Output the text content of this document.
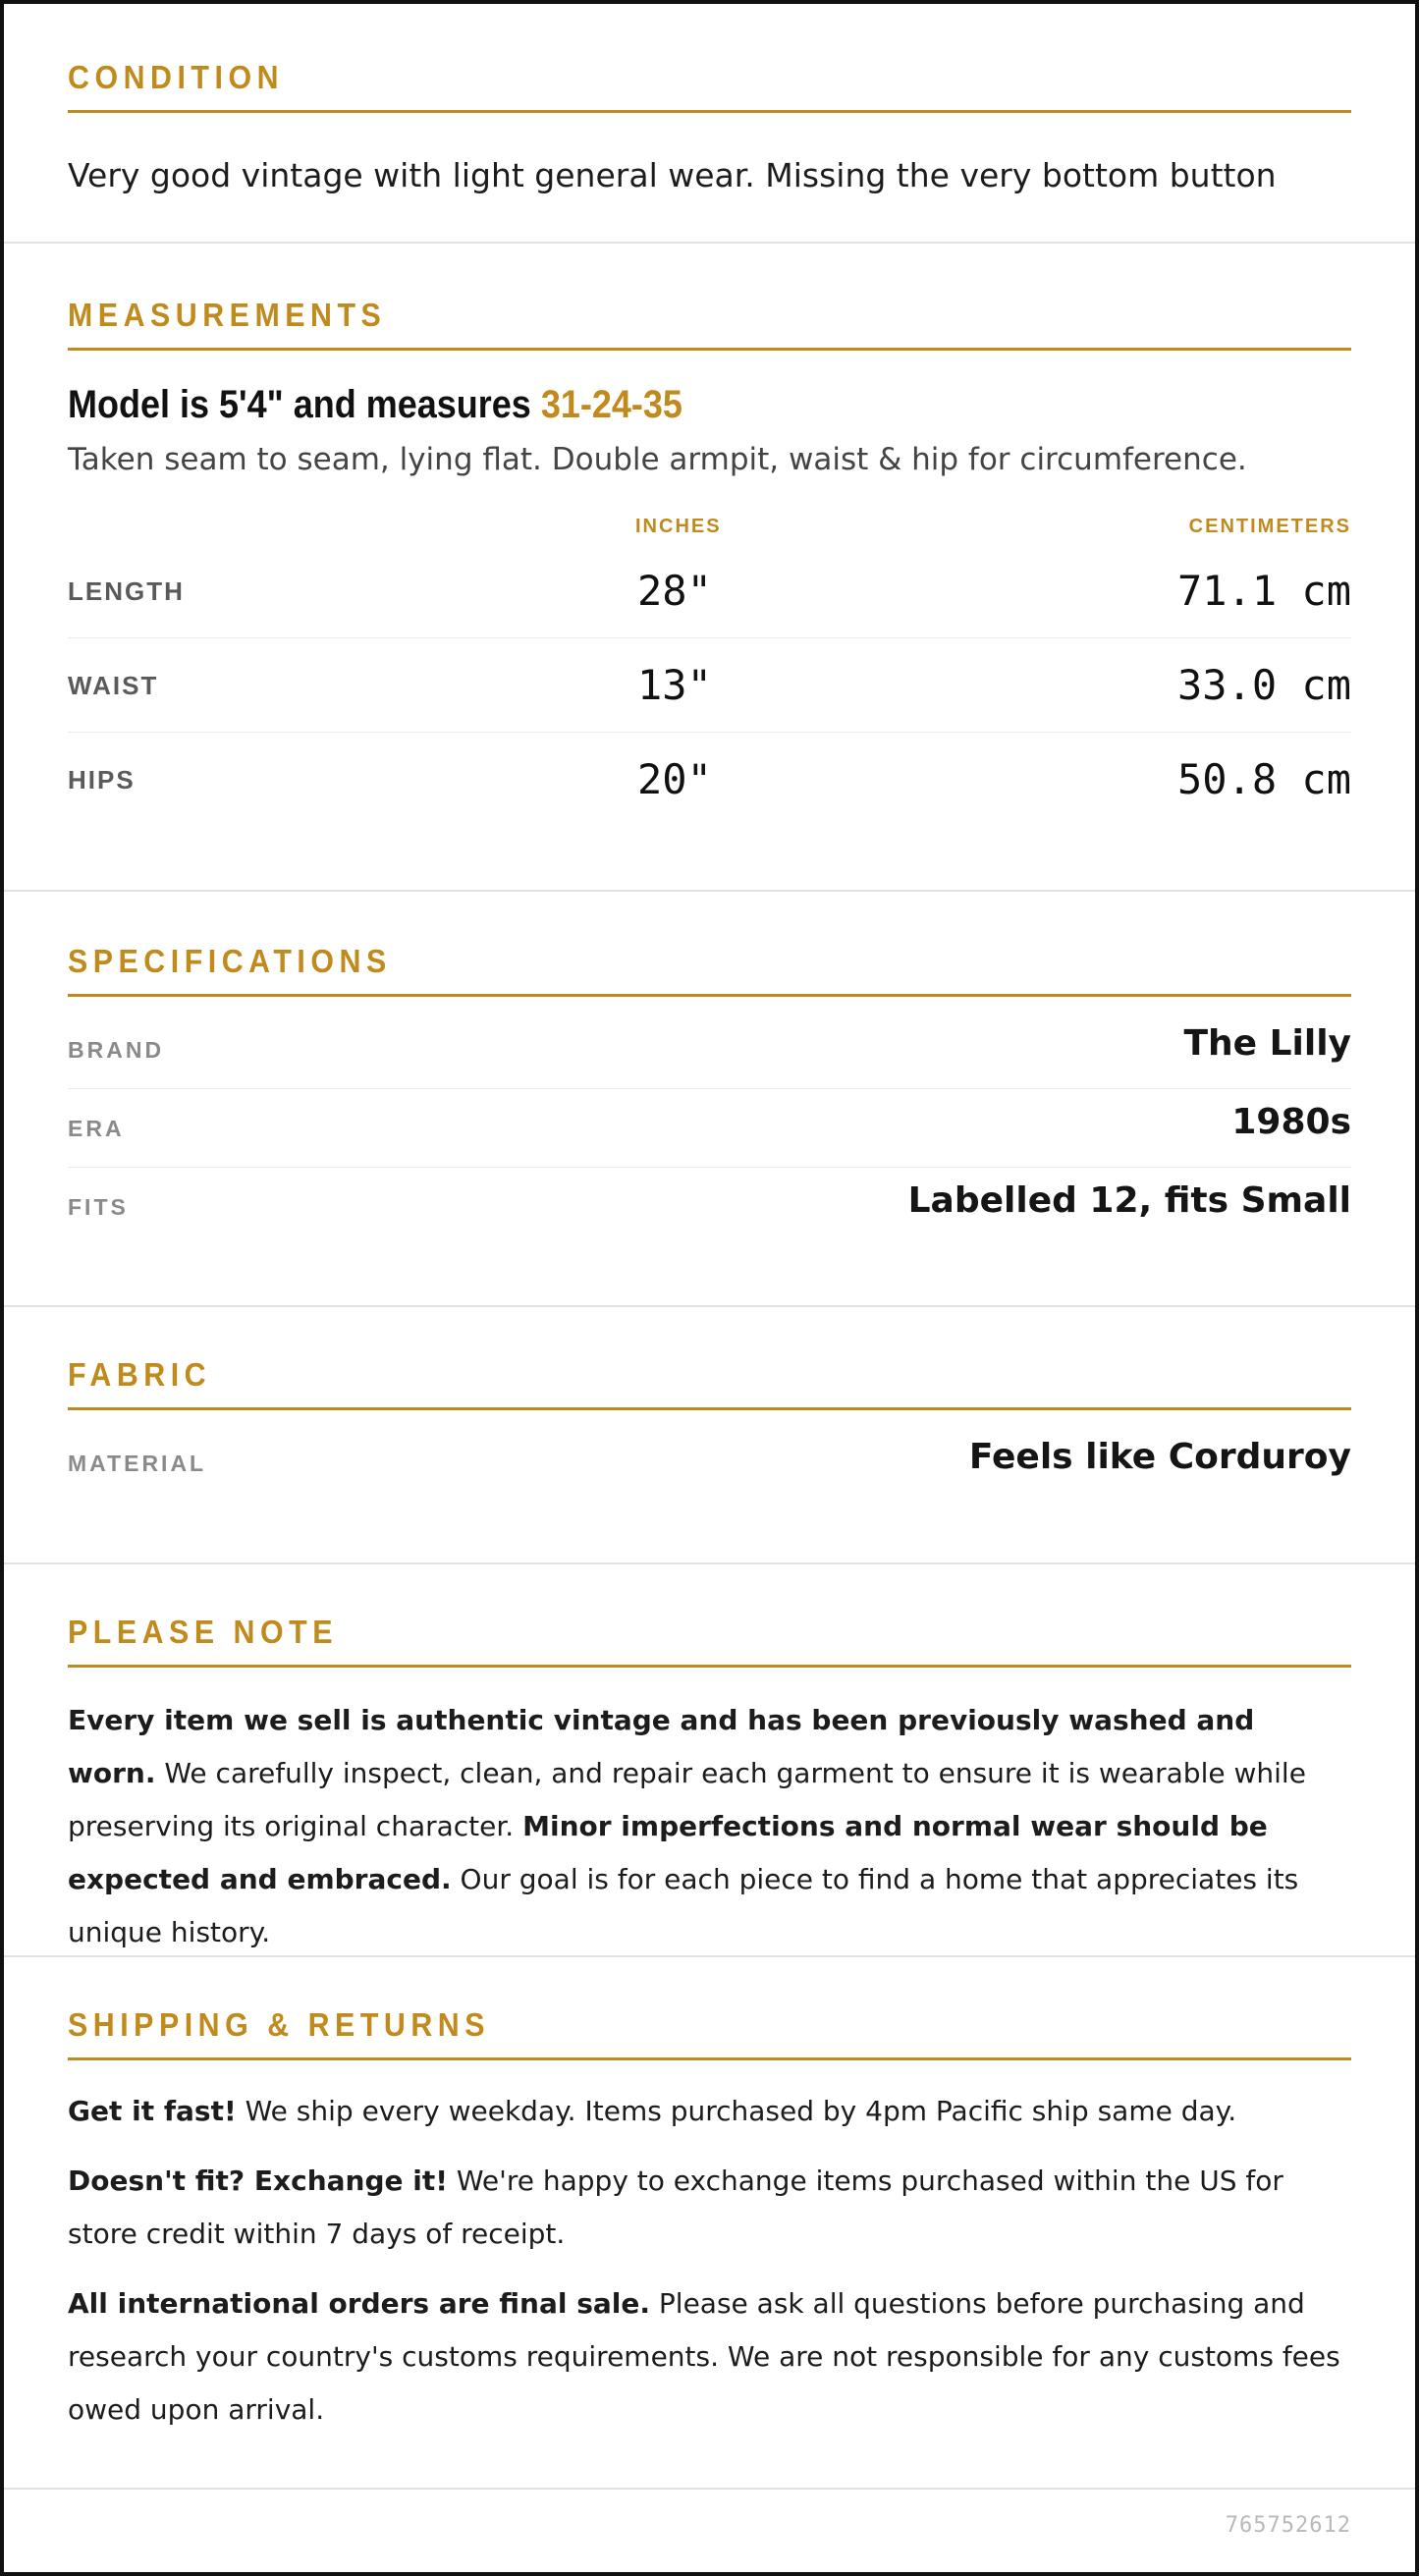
CONDITION
Very good vintage with light general wear. Missing the very bottom button
MEASUREMENTS
Model is 5'4" and measures 31-24-35
Taken seam to seam, lying flat. Double armpit, waist & hip for circumference.
INCHES	CENTIMETERS
LENGTH	28"	71.1 cm
WAIST	13"	33.0 cm
HIPS	20"	50.8 cm
SPECIFICATIONS
BRAND	The Lilly
ERA	1980s
FITS	Labelled 12, fits Small
FABRIC
MATERIAL	Feels like Corduroy
PLEASE NOTE
Every item we sell is authentic vintage and has been previously washed and worn. We carefully inspect, clean, and repair each garment to ensure it is wearable while preserving its original character. Minor imperfections and normal wear should be expected and embraced. Our goal is for each piece to find a home that appreciates its unique history.
SHIPPING & RETURNS

Get it fast! We ship every weekday. Items purchased by 4pm Pacific ship same day.

Doesn't fit? Exchange it! We're happy to exchange items purchased within the US for store credit within 7 days of receipt.

All international orders are final sale. Please ask all questions before purchasing and research your country's customs requirements. We are not responsible for any customs fees owed upon arrival.

765752612
